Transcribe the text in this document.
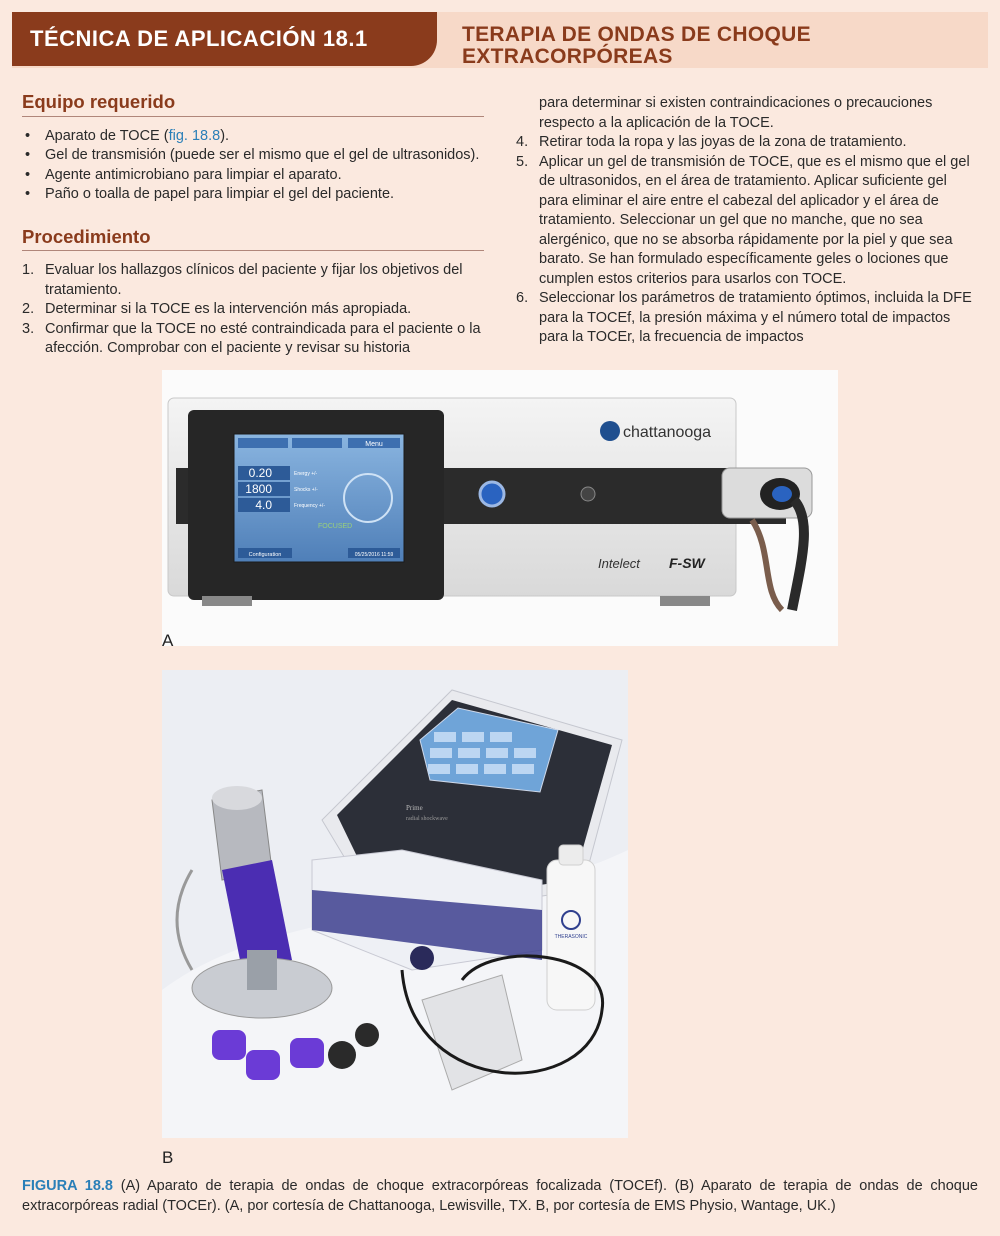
TÉCNICA DE APLICACIÓN 18.1	TERAPIA DE ONDAS DE CHOQUE
EXTRACORPÓREAS
Equipo requerido
• Aparato de TOCE (fig. 18.8).
• Gel de transmisión (puede ser el mismo que el gel de ultrasonidos).
• Agente antimicrobiano para limpiar el aparato.
• Paño o toalla de papel para limpiar el gel del paciente.
Procedimiento
1. Evaluar los hallazgos clínicos del paciente y fijar los objetivos del tratamiento.
2. Determinar si la TOCE es la intervención más apropiada.
3. Confirmar que la TOCE no esté contraindicada para el paciente o la afección. Comprobar con el paciente y revisar su historia
para determinar si existen contraindicaciones o precauciones respecto a la aplicación de la TOCE.
4. Retirar toda la ropa y las joyas de la zona de tratamiento.
5. Aplicar un gel de transmisión de TOCE, que es el mismo que el gel de ultrasonidos, en el área de tratamiento. Aplicar suficiente gel para eliminar el aire entre el cabezal del aplicador y el área de tratamiento. Seleccionar un gel que no manche, que no sea alergénico, que no se absorba rápidamente por la piel y que sea barato. Se han formulado específicamente geles o lociones que cumplen estos criterios para usarlos con TOCE.
6. Seleccionar los parámetros de tratamiento óptimos, incluida la DFE para la TOCEf, la presión máxima y el número total de impactos para la TOCEr, la frecuencia de impactos
Menu
0.20
1800
4.0
Energy +/-
Shocks +/-
Frequency +/-
FOCUSED
Configuration	05/25/2016 11:59
chattanooga
Intelect F-SW
A
Prime
radial shockwave
THERASONIC
B
FIGURA 18.8 (A) Aparato de terapia de ondas de choque extracorpóreas focalizada (TOCEf). (B) Aparato de terapia de ondas de choque extracorpóreas radial (TOCEr). (A, por cortesía de Chattanooga, Lewisville, TX. B, por cortesía de EMS Physio, Wantage, UK.)
